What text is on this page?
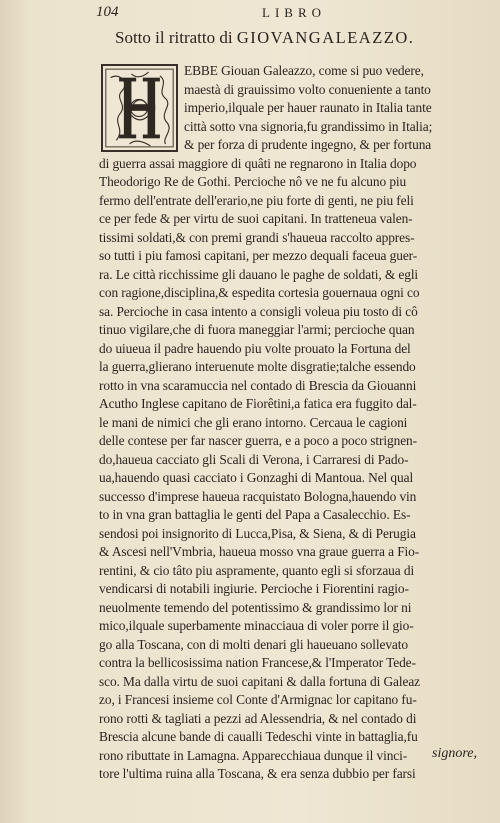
104	LIBRO
Sotto il ritratto di GIOVANGALEAZZO.
EBBE Giouan Galeazzo, come si puo vedere,
maestà di grauissimo volto conueniente a tanto
imperio,ilquale per hauer raunato in Italia tante
città sotto vna signoria,fu grandissimo in Italia;
& per forza di prudente ingegno, & per fortuna
di guerra assai maggiore di quâti ne regnarono in Italia dopo
Theodorigo Re de Gothi. Percioche nô ve ne fu alcuno piu
fermo dell'entrate dell'erario,ne piu forte di genti, ne piu feli
ce per fede & per virtu de suoi capitani. In tratteneua valen-
tissimi soldati,& con premi grandi s'haueua raccolto appres-
so tutti i piu famosi capitani, per mezzo dequali faceua guer-
ra. Le città ricchissime gli dauano le paghe de soldati, & egli
con ragione,disciplina,& espedita cortesia gouernaua ogni co
sa. Percioche in casa intento a consigli voleua piu tosto di cô
tinuo vigilare,che di fuora maneggiar l'armi; percioche quan
do uiueua il padre hauendo piu volte prouato la Fortuna del
la guerra,glierano interuenute molte disgratie;talche essendo
rotto in vna scaramuccia nel contado di Brescia da Giouanni
Acutho Inglese capitano de Fiorêtini,a fatica era fuggito dal-
le mani de nimici che gli erano intorno. Cercaua le cagioni
delle contese per far nascer guerra, e a poco a poco strignen-
do,haueua cacciato gli Scali di Verona, i Carraresi di Pado-
ua,hauendo quasi cacciato i Gonzaghi di Mantoua. Nel qual
successo d'imprese haueua racquistato Bologna,hauendo vin
to in vna gran battaglia le genti del Papa a Casalecchio. Es-
sendosi poi insignorito di Lucca,Pisa, & Siena, & di Perugia
& Ascesi nell'Vmbria, haueua mosso vna graue guerra a Fio-
rentini, & cio tâto piu aspramente, quanto egli si sforzaua di
vendicarsi di notabili ingiurie. Percioche i Fiorentini ragio-
neuolmente temendo del potentissimo & grandissimo lor ni
mico,ilquale superbamente minacciaua di voler porre il gio-
go alla Toscana, con di molti denari gli haueuano sollevato
contra la bellicosissima nation Francese,& l'Imperator Tede-
sco. Ma dalla virtu de suoi capitani & dalla fortuna di Galeaz
zo, i Francesi insieme col Conte d'Armignac lor capitano fu-
rono rotti & tagliati a pezzi ad Alessendria, & nel contado di
Brescia alcune bande di caualli Tedeschi vinte in battaglia,fu
rono ributtate in Lamagna. Apparecchiaua dunque il vinci-
tore l'ultima ruina alla Toscana, & era senza dubbio per farsi
signore,
